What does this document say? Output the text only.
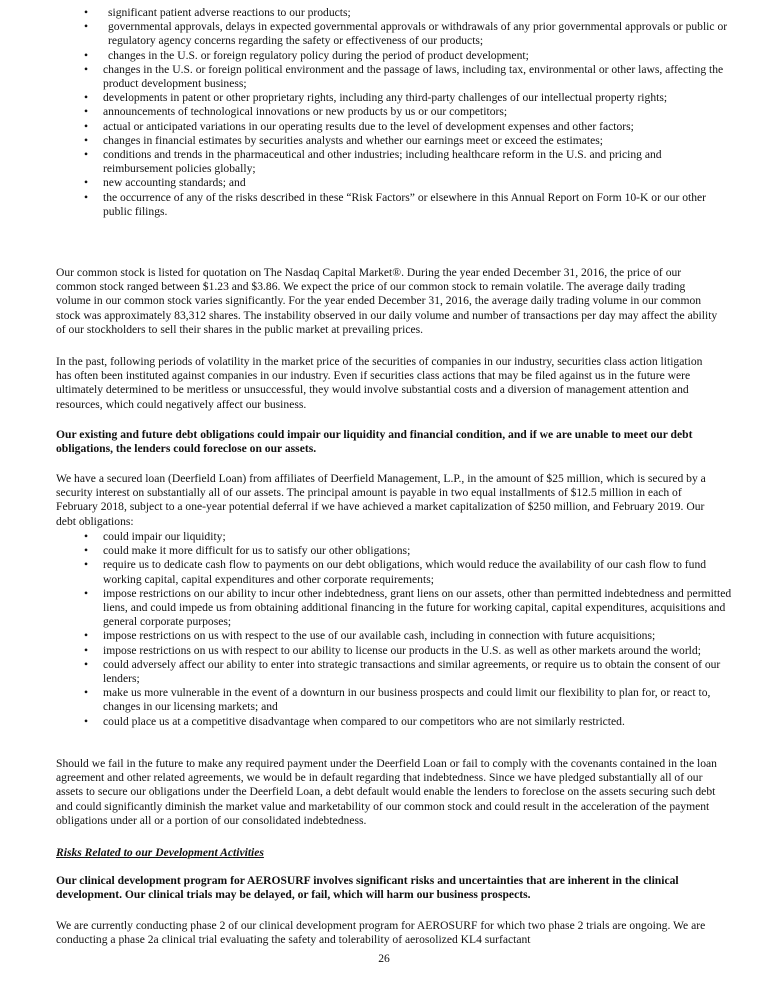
•	significant patient adverse reactions to our products;
•	governmental approvals, delays in expected governmental approvals or withdrawals of any prior governmental approvals or public or regulatory agency concerns regarding the safety or effectiveness of our products;
•	changes in the U.S. or foreign regulatory policy during the period of product development;
•	changes in the U.S. or foreign political environment and the passage of laws, including tax, environmental or other laws, affecting the product development business;
•	developments in patent or other proprietary rights, including any third-party challenges of our intellectual property rights;
•	announcements of technological innovations or new products by us or our competitors;
•	actual or anticipated variations in our operating results due to the level of development expenses and other factors;
•	changes in financial estimates by securities analysts and whether our earnings meet or exceed the estimates;
•	conditions and trends in the pharmaceutical and other industries; including healthcare reform in the U.S. and pricing and reimbursement policies globally;
•	new accounting standards; and
•	the occurrence of any of the risks described in these “Risk Factors” or elsewhere in this Annual Report on Form 10-K or our other public filings.

Our common stock is listed for quotation on The Nasdaq Capital Market®. During the year ended December 31, 2016, the price of our common stock ranged between $1.23 and $3.86. We expect the price of our common stock to remain volatile. The average daily trading volume in our common stock varies significantly. For the year ended December 31, 2016, the average daily trading volume in our common stock was approximately 83,312 shares. The instability observed in our daily volume and number of transactions per day may affect the ability of our stockholders to sell their shares in the public market at prevailing prices.

In the past, following periods of volatility in the market price of the securities of companies in our industry, securities class action litigation has often been instituted against companies in our industry. Even if securities class actions that may be filed against us in the future were ultimately determined to be meritless or unsuccessful, they would involve substantial costs and a diversion of management attention and resources, which could negatively affect our business.

Our existing and future debt obligations could impair our liquidity and financial condition, and if we are unable to meet our debt obligations, the lenders could foreclose on our assets.

We have a secured loan (Deerfield Loan) from affiliates of Deerfield Management, L.P., in the amount of $25 million, which is secured by a security interest on substantially all of our assets. The principal amount is payable in two equal installments of $12.5 million in each of February 2018, subject to a one-year potential deferral if we have achieved a market capitalization of $250 million, and February 2019. Our debt obligations:

•	could impair our liquidity;
•	could make it more difficult for us to satisfy our other obligations;
•	require us to dedicate cash flow to payments on our debt obligations, which would reduce the availability of our cash flow to fund working capital, capital expenditures and other corporate requirements;
•	impose restrictions on our ability to incur other indebtedness, grant liens on our assets, other than permitted indebtedness and permitted liens, and could impede us from obtaining additional financing in the future for working capital, capital expenditures, acquisitions and general corporate purposes;
•	impose restrictions on us with respect to the use of our available cash, including in connection with future acquisitions;
•	impose restrictions on us with respect to our ability to license our products in the U.S. as well as other markets around the world;
•	could adversely affect our ability to enter into strategic transactions and similar agreements, or require us to obtain the consent of our lenders;
•	make us more vulnerable in the event of a downturn in our business prospects and could limit our flexibility to plan for, or react to, changes in our licensing markets; and
•	could place us at a competitive disadvantage when compared to our competitors who are not similarly restricted.

Should we fail in the future to make any required payment under the Deerfield Loan or fail to comply with the covenants contained in the loan agreement and other related agreements, we would be in default regarding that indebtedness. Since we have pledged substantially all of our assets to secure our obligations under the Deerfield Loan, a debt default would enable the lenders to foreclose on the assets securing such debt and could significantly diminish the market value and marketability of our common stock and could result in the acceleration of the payment obligations under all or a portion of our consolidated indebtedness.

Risks Related to our Development Activities

Our clinical development program for AEROSURF involves significant risks and uncertainties that are inherent in the clinical development. Our clinical trials may be delayed, or fail, which will harm our business prospects.

We are currently conducting phase 2 of our clinical development program for AEROSURF for which two phase 2 trials are ongoing. We are conducting a phase 2a clinical trial evaluating the safety and tolerability of aerosolized KL4 surfactant

26
